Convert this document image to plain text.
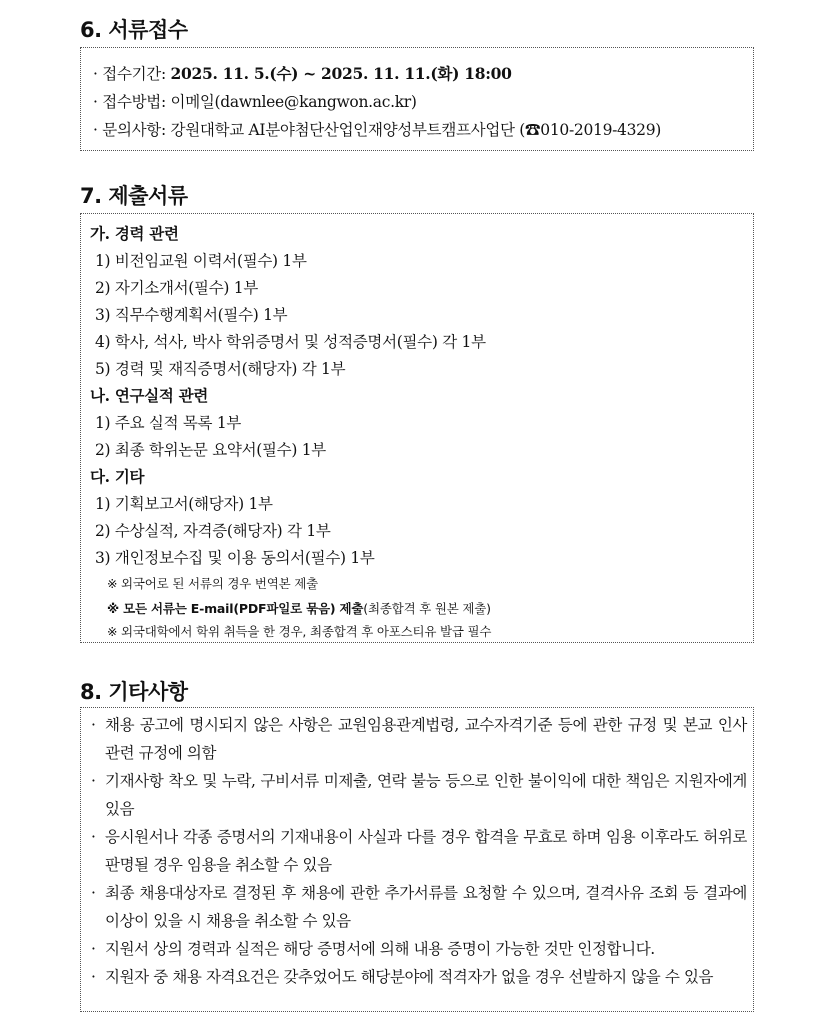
6. 서류접수
· 접수기간: 2025. 11. 5.(수) ~ 2025. 11. 11.(화) 18:00
· 접수방법: 이메일(dawnlee@kangwon.ac.kr)
· 문의사항: 강원대학교 AI분야첨단산업인재양성부트캠프사업단 (☎010-2019-4329)
7. 제출서류
가. 경력 관련
1) 비전임교원 이력서(필수) 1부
2) 자기소개서(필수) 1부
3) 직무수행계획서(필수) 1부
4) 학사, 석사, 박사 학위증명서 및 성적증명서(필수) 각 1부
5) 경력 및 재직증명서(해당자) 각 1부
나. 연구실적 관련
1) 주요 실적 목록 1부
2) 최종 학위논문 요약서(필수) 1부
다. 기타
1) 기획보고서(해당자) 1부
2) 수상실적, 자격증(해당자) 각 1부
3) 개인정보수집 및 이용 동의서(필수) 1부
※ 외국어로 된 서류의 경우 번역본 제출
※ 모든 서류는 E-mail(PDF파일로 묶음) 제출(최종합격 후 원본 제출)
※ 외국대학에서 학위 취득을 한 경우, 최종합격 후 아포스티유 발급 필수
8. 기타사항
· 채용 공고에 명시되지 않은 사항은 교원임용관계법령, 교수자격기준 등에 관한 규정 및 본교 인사 관련 규정에 의함
· 기재사항 착오 및 누락, 구비서류 미제출, 연락 불능 등으로 인한 불이익에 대한 책임은 지원자에게 있음
· 응시원서나 각종 증명서의 기재내용이 사실과 다를 경우 합격을 무효로 하며 임용 이후라도 허위로 판명될 경우 임용을 취소할 수 있음
· 최종 채용대상자로 결정된 후 채용에 관한 추가서류를 요청할 수 있으며, 결격사유 조회 등 결과에 이상이 있을 시 채용을 취소할 수 있음
· 지원서 상의 경력과 실적은 해당 증명서에 의해 내용 증명이 가능한 것만 인정합니다.
· 지원자 중 채용 자격요건은 갖추었어도 해당분야에 적격자가 없을 경우 선발하지 않을 수 있음
